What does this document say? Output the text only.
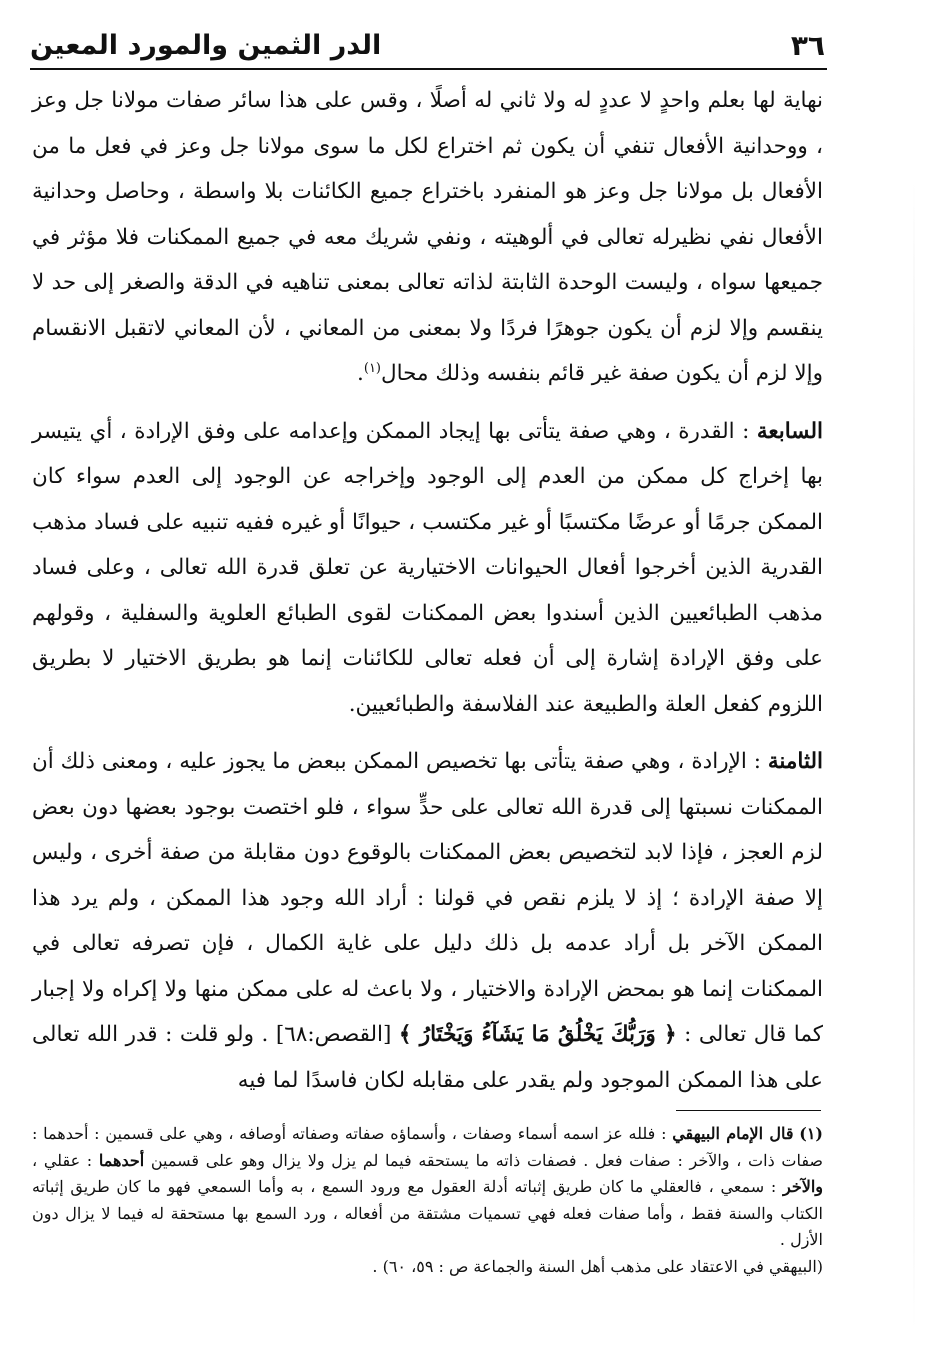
٣٦
الدر الثمين والمورد المعين

نهاية لها بعلم واحدٍ لا عددٍ له ولا ثاني له أصلًا ، وقس على هذا سائر صفات مولانا جل وعز ، ووحدانية الأفعال تنفي أن يكون ثم اختراع لكل ما سوى مولانا جل وعز في فعل ما من الأفعال بل مولانا جل وعز هو المنفرد باختراع جميع الكائنات بلا واسطة ، وحاصل وحدانية الأفعال نفي نظيرله تعالى في ألوهيته ، ونفي شريك معه في جميع الممكنات فلا مؤثر في جميعها سواه ، وليست الوحدة الثابتة لذاته تعالى بمعنى تناهيه في الدقة والصغر إلى حد لا ينقسم وإلا لزم أن يكون جوهرًا فردًا ولا بمعنى من المعاني ، لأن المعاني لاتقبل الانقسام وإلا لزم أن يكون صفة غير قائم بنفسه وذلك محال$^{(١)}$.

السابعة : القدرة ، وهي صفة يتأتى بها إيجاد الممكن وإعدامه على وفق الإرادة ، أي يتيسر بها إخراج كل ممكن من العدم إلى الوجود وإخراجه عن الوجود إلى العدم سواء كان الممكن جرمًا أو عرضًا مكتسبًا أو غير مكتسب ، حيوانًا أو غيره ففيه تنبيه على فساد مذهب القدرية الذين أخرجوا أفعال الحيوانات الاختيارية عن تعلق قدرة الله تعالى ، وعلى فساد مذهب الطبائعيين الذين أسندوا بعض الممكنات لقوى الطبائع العلوية والسفلية ، وقولهم على وفق الإرادة إشارة إلى أن فعله تعالى للكائنات إنما هو بطريق الاختيار لا بطريق اللزوم كفعل العلة والطبيعة عند الفلاسفة والطبائعيين.

الثامنة : الإرادة ، وهي صفة يتأتى بها تخصيص الممكن ببعض ما يجوز عليه ، ومعنى ذلك أن الممكنات نسبتها إلى قدرة الله تعالى على حدٍّ سواء ، فلو اختصت بوجود بعضها دون بعض لزم العجز ، فإذا لابد لتخصيص بعض الممكنات بالوقوع دون مقابلة من صفة أخرى ، وليس إلا صفة الإرادة ؛ إذ لا يلزم نقص في قولنا : أراد الله وجود هذا الممكن ، ولم يرد هذا الممكن الآخر بل أراد عدمه بل ذلك دليل على غاية الكمال ، فإن تصرفه تعالى في الممكنات إنما هو بمحض الإرادة والاختيار ، ولا باعث له على ممكن منها ولا إكراه ولا إجبار كما قال تعالى : ﴿ وَرَبُّكَ يَخْلُقُ مَا يَشَآءُ وَيَخْتَارُ ﴾ [القصص:٦٨] . ولو قلت : قدر الله تعالى على هذا الممكن الموجود ولم يقدر على مقابله لكان فاسدًا لما فيه

(١) قال الإمام البيهقي : فلله عز اسمه أسماء وصفات ، وأسماؤه صفاته وصفاته أوصافه ، وهي على قسمين : أحدهما : صفات ذات ، والآخر : صفات فعل . فصفات ذاته ما يستحقه فيما لم يزل ولا يزال وهو على قسمين أحدهما : عقلي ، والآخر : سمعي ، فالعقلي ما كان طريق إثباته أدلة العقول مع ورود السمع ، به وأما السمعي فهو ما كان طريق إثباته الكتاب والسنة فقط ، وأما صفات فعله فهي تسميات مشتقة من أفعاله ، ورد السمع بها مستحقة له فيما لا يزال دون الأزل .

(البيهقي في الاعتقاد على مذهب أهل السنة والجماعة ص : ٥٩، ٦٠) .
